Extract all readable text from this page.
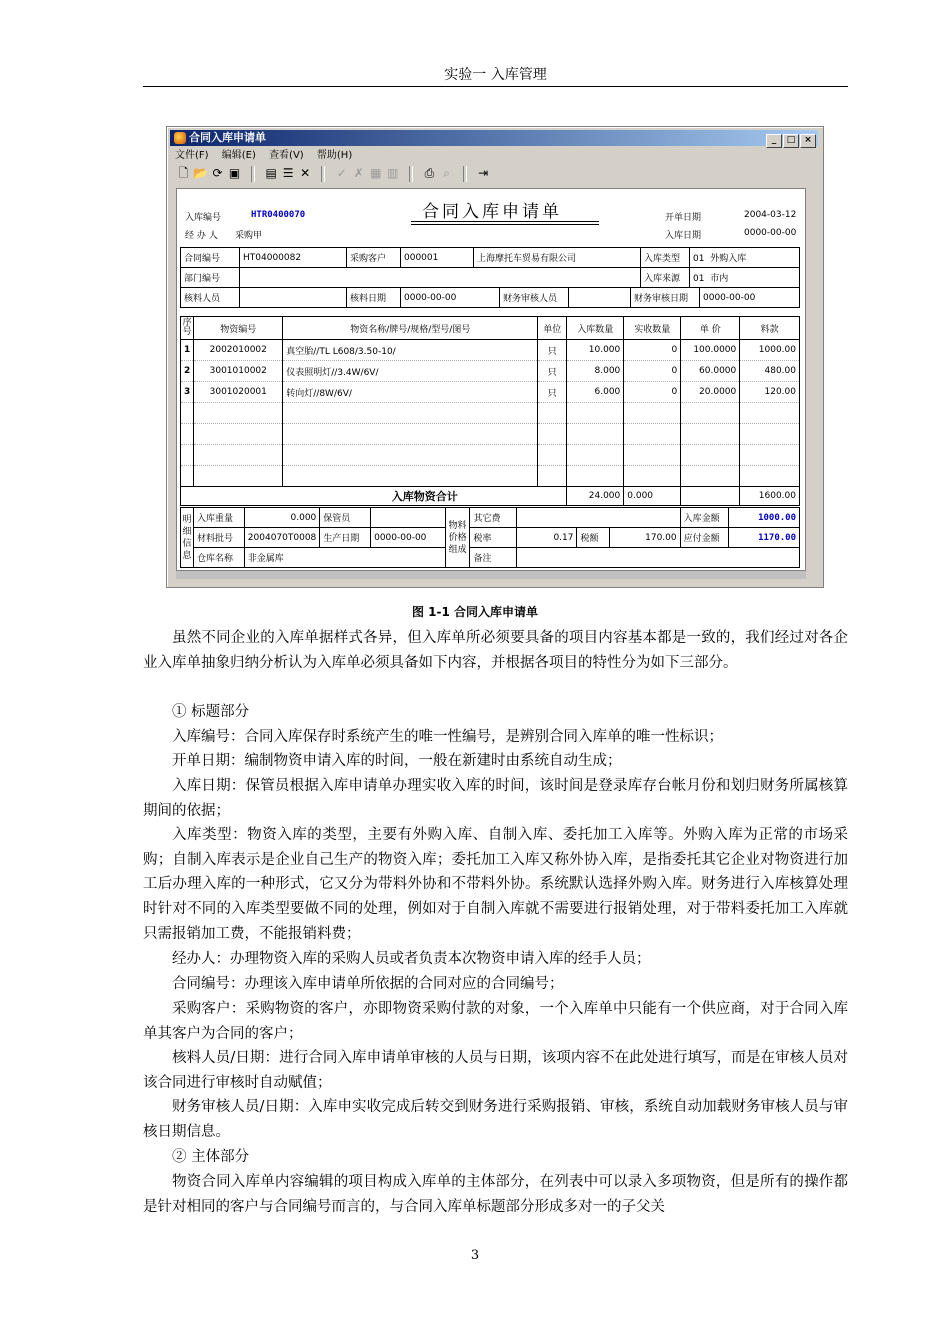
实验一 入库管理
合同入库申请单	_ □ ×
文件(F) 编辑(E) 查看(V) 帮助(H)
🗋 📂 ⟳ ▣ ▤ ☰ ✕ ✓ ✗ ▦ ▥ ⎙ ⌕ ⇥
入库编号	HTR0400070
经 办 人 采购甲
合同入库申请单	开单日期	2004-03-12
入库日期	0000-00-00
合同编号	HT04000082	采购客户	000001	上海摩托车贸易有限公司	入库类型	01 外购入库
部门编号					入库来源	01 市内
核料人员		核料日期	0000-00-00	财务审核人员		财务审核日期	0000-00-00
序号	物资编号	物资名称/牌号/规格/型号/图号	单位	入库数量	实收数量	单 价	料款
1	2002010002	真空胎//TL L608/3.50-10/	只	10.000	0	100.0000	1000.00
2	3001010002	仪表照明灯//3.4W/6V/	只	8.000	0	60.0000	480.00
3	3001020001	转向灯//8W/6V/	只	6.000	0	20.0000	120.00

入库物资合计				24.000	0.000		1600.00
明细信息	入库重量	0.000	保管员		物料价格组成	其它费				入库金额	1000.00
	材料批号	2004070T0008	生产日期	0000-00-00		税率	0.17	税额	170.00	应付金额	1170.00
	仓库名称	非金属库				备注					
图 1-1 合同入库申请单
虽然不同企业的入库单据样式各异，但入库单所必须要具备的项目内容基本都是一致的，我们经过对各企业入库单抽象归纳分析认为入库单必须具备如下内容，并根据各项目的特性分为如下三部分。
① 标题部分
入库编号：合同入库保存时系统产生的唯一性编号，是辨别合同入库单的唯一性标识；
开单日期：编制物资申请入库的时间，一般在新建时由系统自动生成；
入库日期：保管员根据入库申请单办理实收入库的时间，该时间是登录库存台帐月份和划归财务所属核算期间的依据；
入库类型：物资入库的类型，主要有外购入库、自制入库、委托加工入库等。外购入库为正常的市场采购；自制入库表示是企业自己生产的物资入库；委托加工入库又称外协入库，是指委托其它企业对物资进行加工后办理入库的一种形式，它又分为带料外协和不带料外协。系统默认选择外购入库。财务进行入库核算处理时针对不同的入库类型要做不同的处理，例如对于自制入库就不需要进行报销处理，对于带料委托加工入库就只需报销加工费，不能报销料费；
经办人：办理物资入库的采购人员或者负责本次物资申请入库的经手人员；
合同编号：办理该入库申请单所依据的合同对应的合同编号；
采购客户：采购物资的客户，亦即物资采购付款的对象，一个入库单中只能有一个供应商，对于合同入库单其客户为合同的客户；
核料人员/日期：进行合同入库申请单审核的人员与日期，该项内容不在此处进行填写，而是在审核人员对该合同进行审核时自动赋值；
财务审核人员/日期：入库申实收完成后转交到财务进行采购报销、审核，系统自动加载财务审核人员与审核日期信息。
② 主体部分
物资合同入库单内容编辑的项目构成入库单的主体部分，在列表中可以录入多项物资，但是所有的操作都是针对相同的客户与合同编号而言的，与合同入库单标题部分形成多对一的子父关
3
